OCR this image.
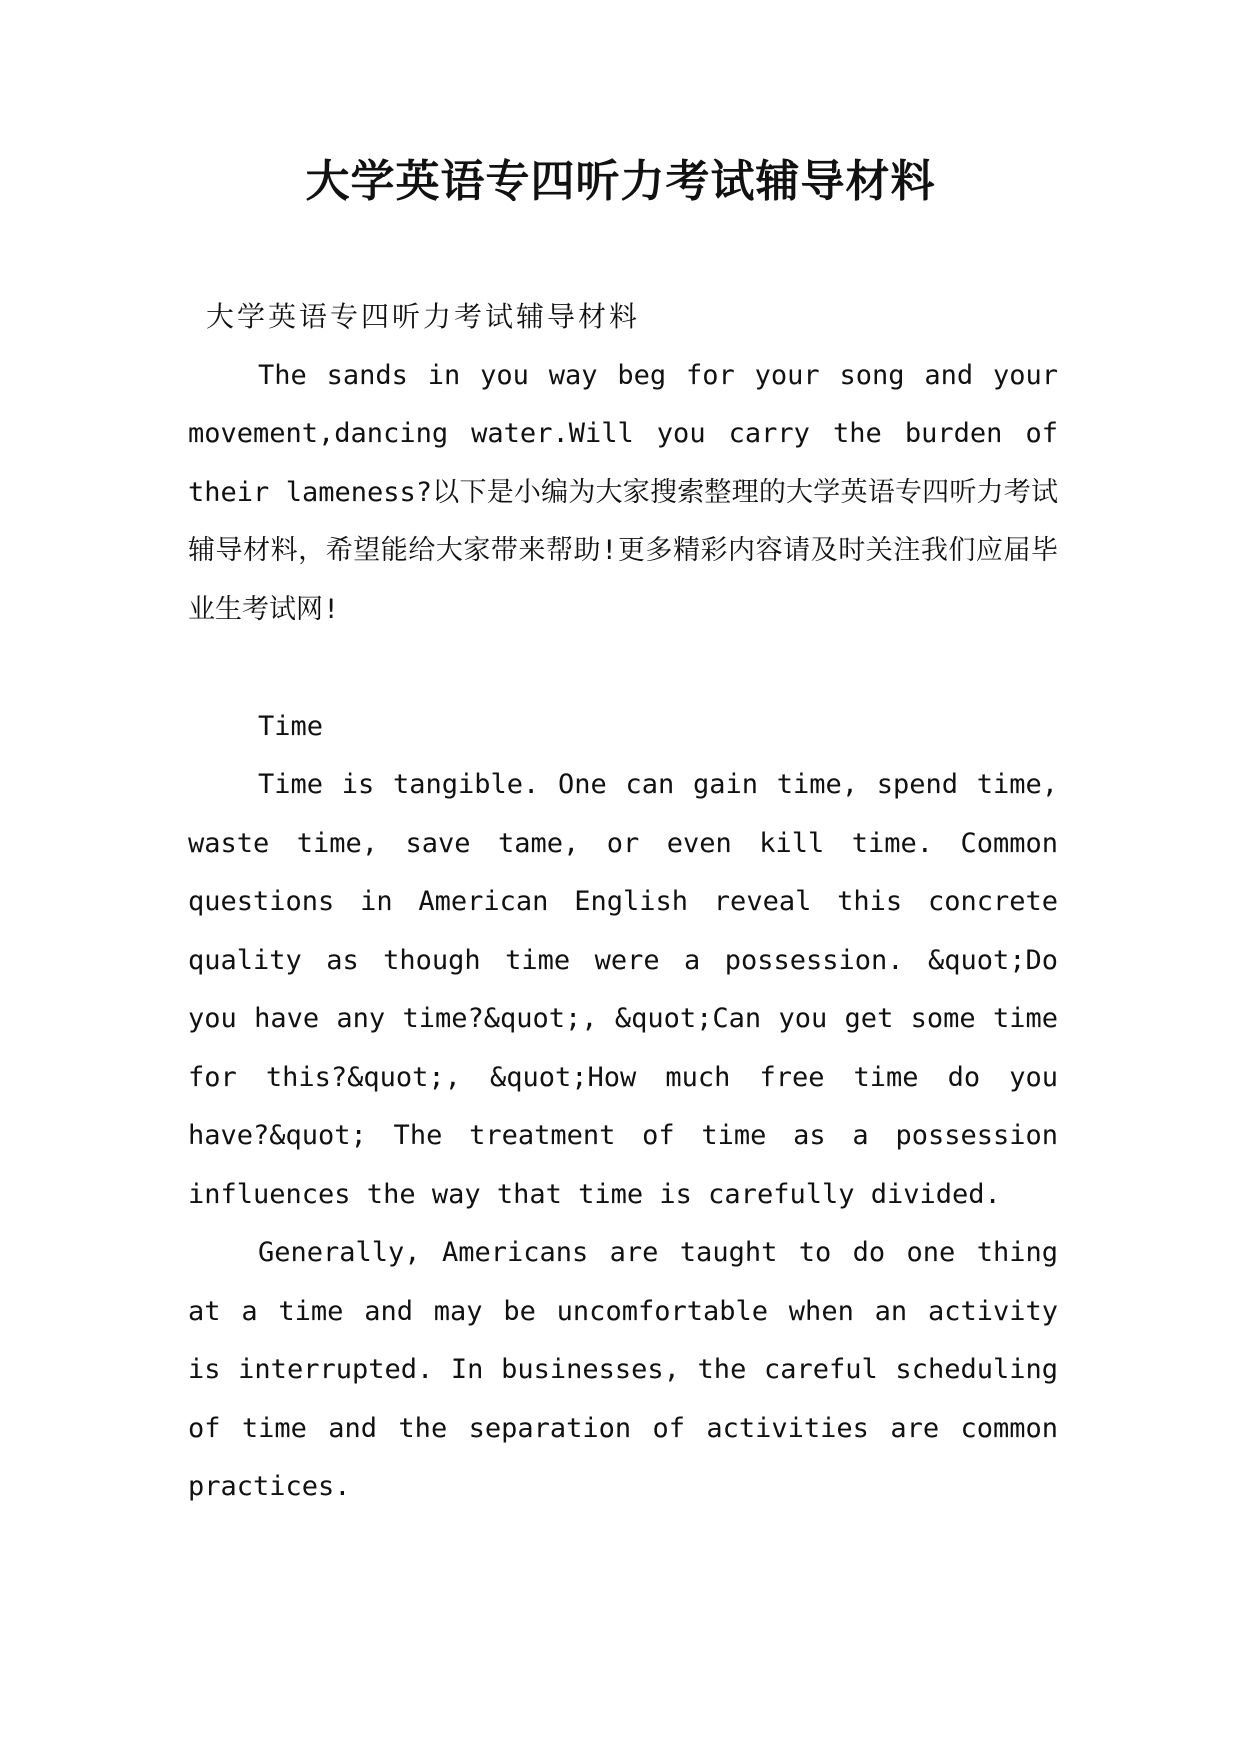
大学英语专四听力考试辅导材料

大学英语专四听力考试辅导材料

The sands in you way beg for your song and your movement,dancing water.Will you carry the burden of their lameness?以下是小编为大家搜索整理的大学英语专四听力考试辅导材料，希望能给大家带来帮助!更多精彩内容请及时关注我们应届毕业生考试网!

Time

Time is tangible. One can gain time, spend time, waste time, save tame, or even kill time. Common questions in American English reveal this concrete quality as though time were a possession. &quot;Do you have any time?&quot;, &quot;Can you get some time for this?&quot;, &quot;How much free time do you have?&quot; The treatment of time as a possession influences the way that time is carefully divided.

Generally, Americans are taught to do one thing at a time and may be uncomfortable when an activity is interrupted. In businesses, the careful scheduling of time and the separation of activities are common practices.
